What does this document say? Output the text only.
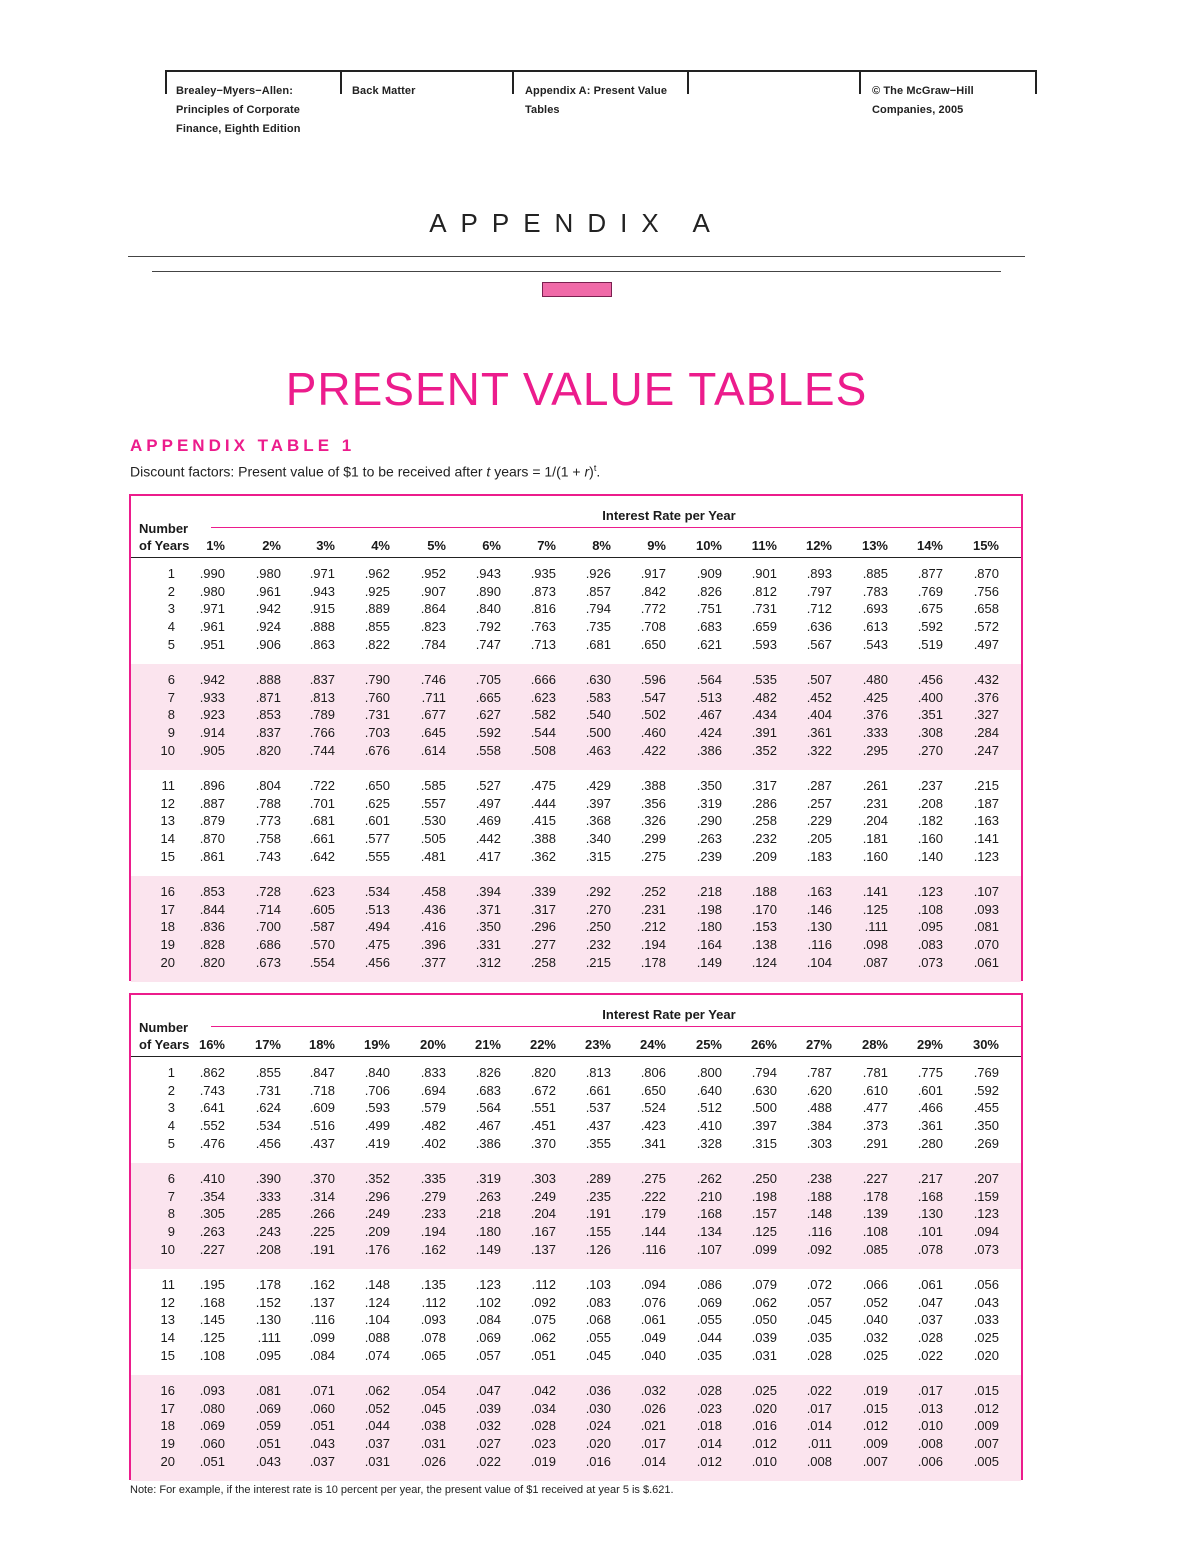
Brealey−Myers−Allen:
Principles of Corporate
Finance, Eighth Edition
Back Matter	Appendix A: Present Value
Tables
© The McGraw−Hill
Companies, 2005
APPENDIX A
PRESENT VALUE TABLES
APPENDIX TABLE 1
Discount factors: Present value of $1 to be received after t years = $1/(1 + r)^t$.
Interest Rate per Year
Number
of Years	1%	2%	3%	4%	5%	6%	7%	8%	9%	10%	11%	12%	13%	14%	15%
1	.990	.980	.971	.962	.952	.943	.935	.926	.917	.909	.901	.893	.885	.877	.870
2	.980	.961	.943	.925	.907	.890	.873	.857	.842	.826	.812	.797	.783	.769	.756
3	.971	.942	.915	.889	.864	.840	.816	.794	.772	.751	.731	.712	.693	.675	.658
4	.961	.924	.888	.855	.823	.792	.763	.735	.708	.683	.659	.636	.613	.592	.572
5	.951	.906	.863	.822	.784	.747	.713	.681	.650	.621	.593	.567	.543	.519	.497
6	.942	.888	.837	.790	.746	.705	.666	.630	.596	.564	.535	.507	.480	.456	.432
7	.933	.871	.813	.760	.711	.665	.623	.583	.547	.513	.482	.452	.425	.400	.376
8	.923	.853	.789	.731	.677	.627	.582	.540	.502	.467	.434	.404	.376	.351	.327
9	.914	.837	.766	.703	.645	.592	.544	.500	.460	.424	.391	.361	.333	.308	.284
10	.905	.820	.744	.676	.614	.558	.508	.463	.422	.386	.352	.322	.295	.270	.247
11	.896	.804	.722	.650	.585	.527	.475	.429	.388	.350	.317	.287	.261	.237	.215
12	.887	.788	.701	.625	.557	.497	.444	.397	.356	.319	.286	.257	.231	.208	.187
13	.879	.773	.681	.601	.530	.469	.415	.368	.326	.290	.258	.229	.204	.182	.163
14	.870	.758	.661	.577	.505	.442	.388	.340	.299	.263	.232	.205	.181	.160	.141
15	.861	.743	.642	.555	.481	.417	.362	.315	.275	.239	.209	.183	.160	.140	.123
16	.853	.728	.623	.534	.458	.394	.339	.292	.252	.218	.188	.163	.141	.123	.107
17	.844	.714	.605	.513	.436	.371	.317	.270	.231	.198	.170	.146	.125	.108	.093
18	.836	.700	.587	.494	.416	.350	.296	.250	.212	.180	.153	.130	.111	.095	.081
19	.828	.686	.570	.475	.396	.331	.277	.232	.194	.164	.138	.116	.098	.083	.070
20	.820	.673	.554	.456	.377	.312	.258	.215	.178	.149	.124	.104	.087	.073	.061
Interest Rate per Year
Number
of Years 16%	17%	18%	19%	20%	21%	22%	23%	24%	25%	26%	27%	28%	29%	30%
1	.862	.855	.847	.840	.833	.826	.820	.813	.806	.800	.794	.787	.781	.775	.769
2	.743	.731	.718	.706	.694	.683	.672	.661	.650	.640	.630	.620	.610	.601	.592
3	.641	.624	.609	.593	.579	.564	.551	.537	.524	.512	.500	.488	.477	.466	.455
4	.552	.534	.516	.499	.482	.467	.451	.437	.423	.410	.397	.384	.373	.361	.350
5	.476	.456	.437	.419	.402	.386	.370	.355	.341	.328	.315	.303	.291	.280	.269
6	.410	.390	.370	.352	.335	.319	.303	.289	.275	.262	.250	.238	.227	.217	.207
7	.354	.333	.314	.296	.279	.263	.249	.235	.222	.210	.198	.188	.178	.168	.159
8	.305	.285	.266	.249	.233	.218	.204	.191	.179	.168	.157	.148	.139	.130	.123
9	.263	.243	.225	.209	.194	.180	.167	.155	.144	.134	.125	.116	.108	.101	.094
10	.227	.208	.191	.176	.162	.149	.137	.126	.116	.107	.099	.092	.085	.078	.073
11	.195	.178	.162	.148	.135	.123	.112	.103	.094	.086	.079	.072	.066	.061	.056
12	.168	.152	.137	.124	.112	.102	.092	.083	.076	.069	.062	.057	.052	.047	.043
13	.145	.130	.116	.104	.093	.084	.075	.068	.061	.055	.050	.045	.040	.037	.033
14	.125	.111	.099	.088	.078	.069	.062	.055	.049	.044	.039	.035	.032	.028	.025
15	.108	.095	.084	.074	.065	.057	.051	.045	.040	.035	.031	.028	.025	.022	.020
16	.093	.081	.071	.062	.054	.047	.042	.036	.032	.028	.025	.022	.019	.017	.015
17	.080	.069	.060	.052	.045	.039	.034	.030	.026	.023	.020	.017	.015	.013	.012
18	.069	.059	.051	.044	.038	.032	.028	.024	.021	.018	.016	.014	.012	.010	.009
19	.060	.051	.043	.037	.031	.027	.023	.020	.017	.014	.012	.011	.009	.008	.007
20	.051	.043	.037	.031	.026	.022	.019	.016	.014	.012	.010	.008	.007	.006	.005
Note: For example, if the interest rate is 10 percent per year, the present value of $1 received at year 5 is $.621.
